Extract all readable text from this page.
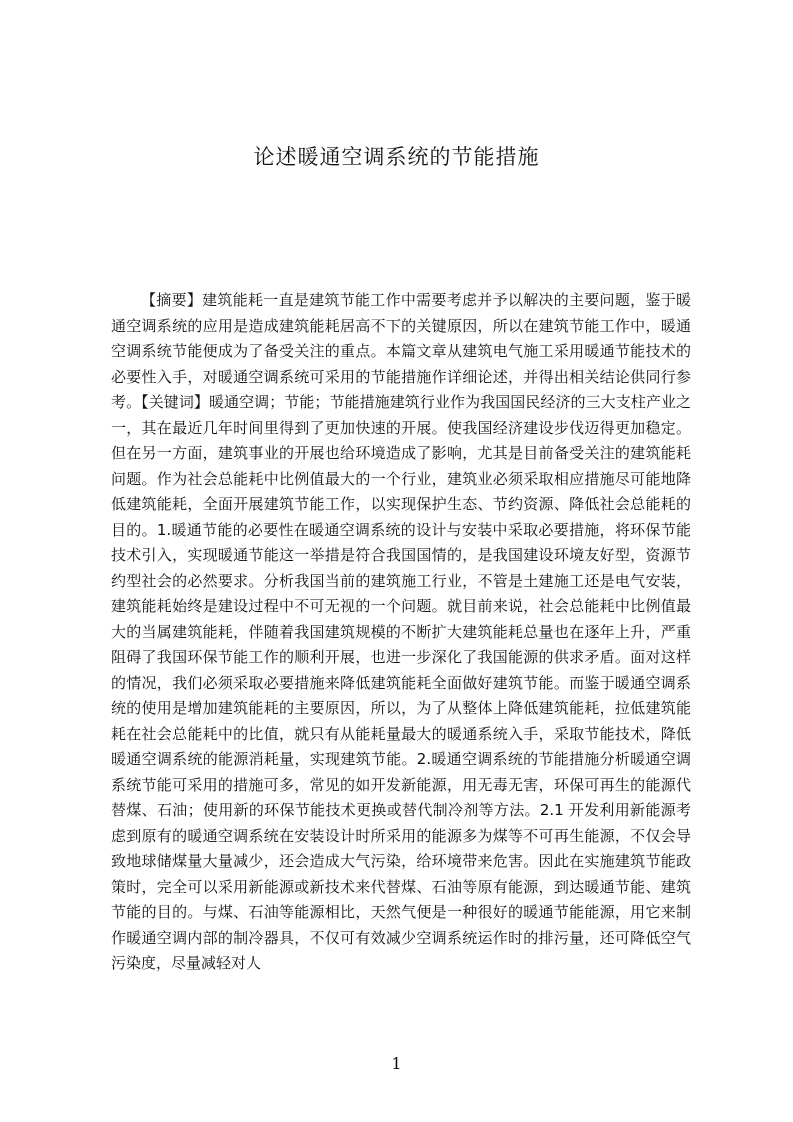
论述暖通空调系统的节能措施

【摘要】建筑能耗一直是建筑节能工作中需要考虑并予以解决的主要问题，鉴于暖通空调系统的应用是造成建筑能耗居高不下的关键原因，所以在建筑节能工作中，暖通空调系统节能便成为了备受关注的重点。本篇文章从建筑电气施工采用暖通节能技术的必要性入手，对暖通空调系统可采用的节能措施作详细论述，并得出相关结论供同行参考。【关键词】暖通空调；节能；节能措施建筑行业作为我国国民经济的三大支柱产业之一，其在最近几年时间里得到了更加快速的开展。使我国经济建设步伐迈得更加稳定。但在另一方面，建筑事业的开展也给环境造成了影响，尤其是目前备受关注的建筑能耗问题。作为社会总能耗中比例值最大的一个行业，建筑业必须采取相应措施尽可能地降低建筑能耗，全面开展建筑节能工作，以实现保护生态、节约资源、降低社会总能耗的目的。1.暖通节能的必要性在暖通空调系统的设计与安装中采取必要措施，将环保节能技术引入，实现暖通节能这一举措是符合我国国情的，是我国建设环境友好型，资源节约型社会的必然要求。分析我国当前的建筑施工行业，不管是土建施工还是电气安装，建筑能耗始终是建设过程中不可无视的一个问题。就目前来说，社会总能耗中比例值最大的当属建筑能耗，伴随着我国建筑规模的不断扩大建筑能耗总量也在逐年上升，严重阻碍了我国环保节能工作的顺利开展，也进一步深化了我国能源的供求矛盾。面对这样的情况，我们必须采取必要措施来降低建筑能耗全面做好建筑节能。而鉴于暖通空调系统的使用是增加建筑能耗的主要原因，所以，为了从整体上降低建筑能耗，拉低建筑能耗在社会总能耗中的比值，就只有从能耗量最大的暖通系统入手，采取节能技术，降低暖通空调系统的能源消耗量，实现建筑节能。2.暖通空调系统的节能措施分析暖通空调系统节能可采用的措施可多，常见的如开发新能源，用无毒无害，环保可再生的能源代替煤、石油；使用新的环保节能技术更换或替代制冷剂等方法。2.1 开发利用新能源考虑到原有的暖通空调系统在安装设计时所采用的能源多为煤等不可再生能源，不仅会导致地球储煤量大量减少，还会造成大气污染，给环境带来危害。因此在实施建筑节能政策时，完全可以采用新能源或新技术来代替煤、石油等原有能源，到达暖通节能、建筑节能的目的。与煤、石油等能源相比，天然气便是一种很好的暖通节能能源，用它来制作暖通空调内部的制冷器具，不仅可有效减少空调系统运作时的排污量，还可降低空气污染度，尽量减轻对人

1
